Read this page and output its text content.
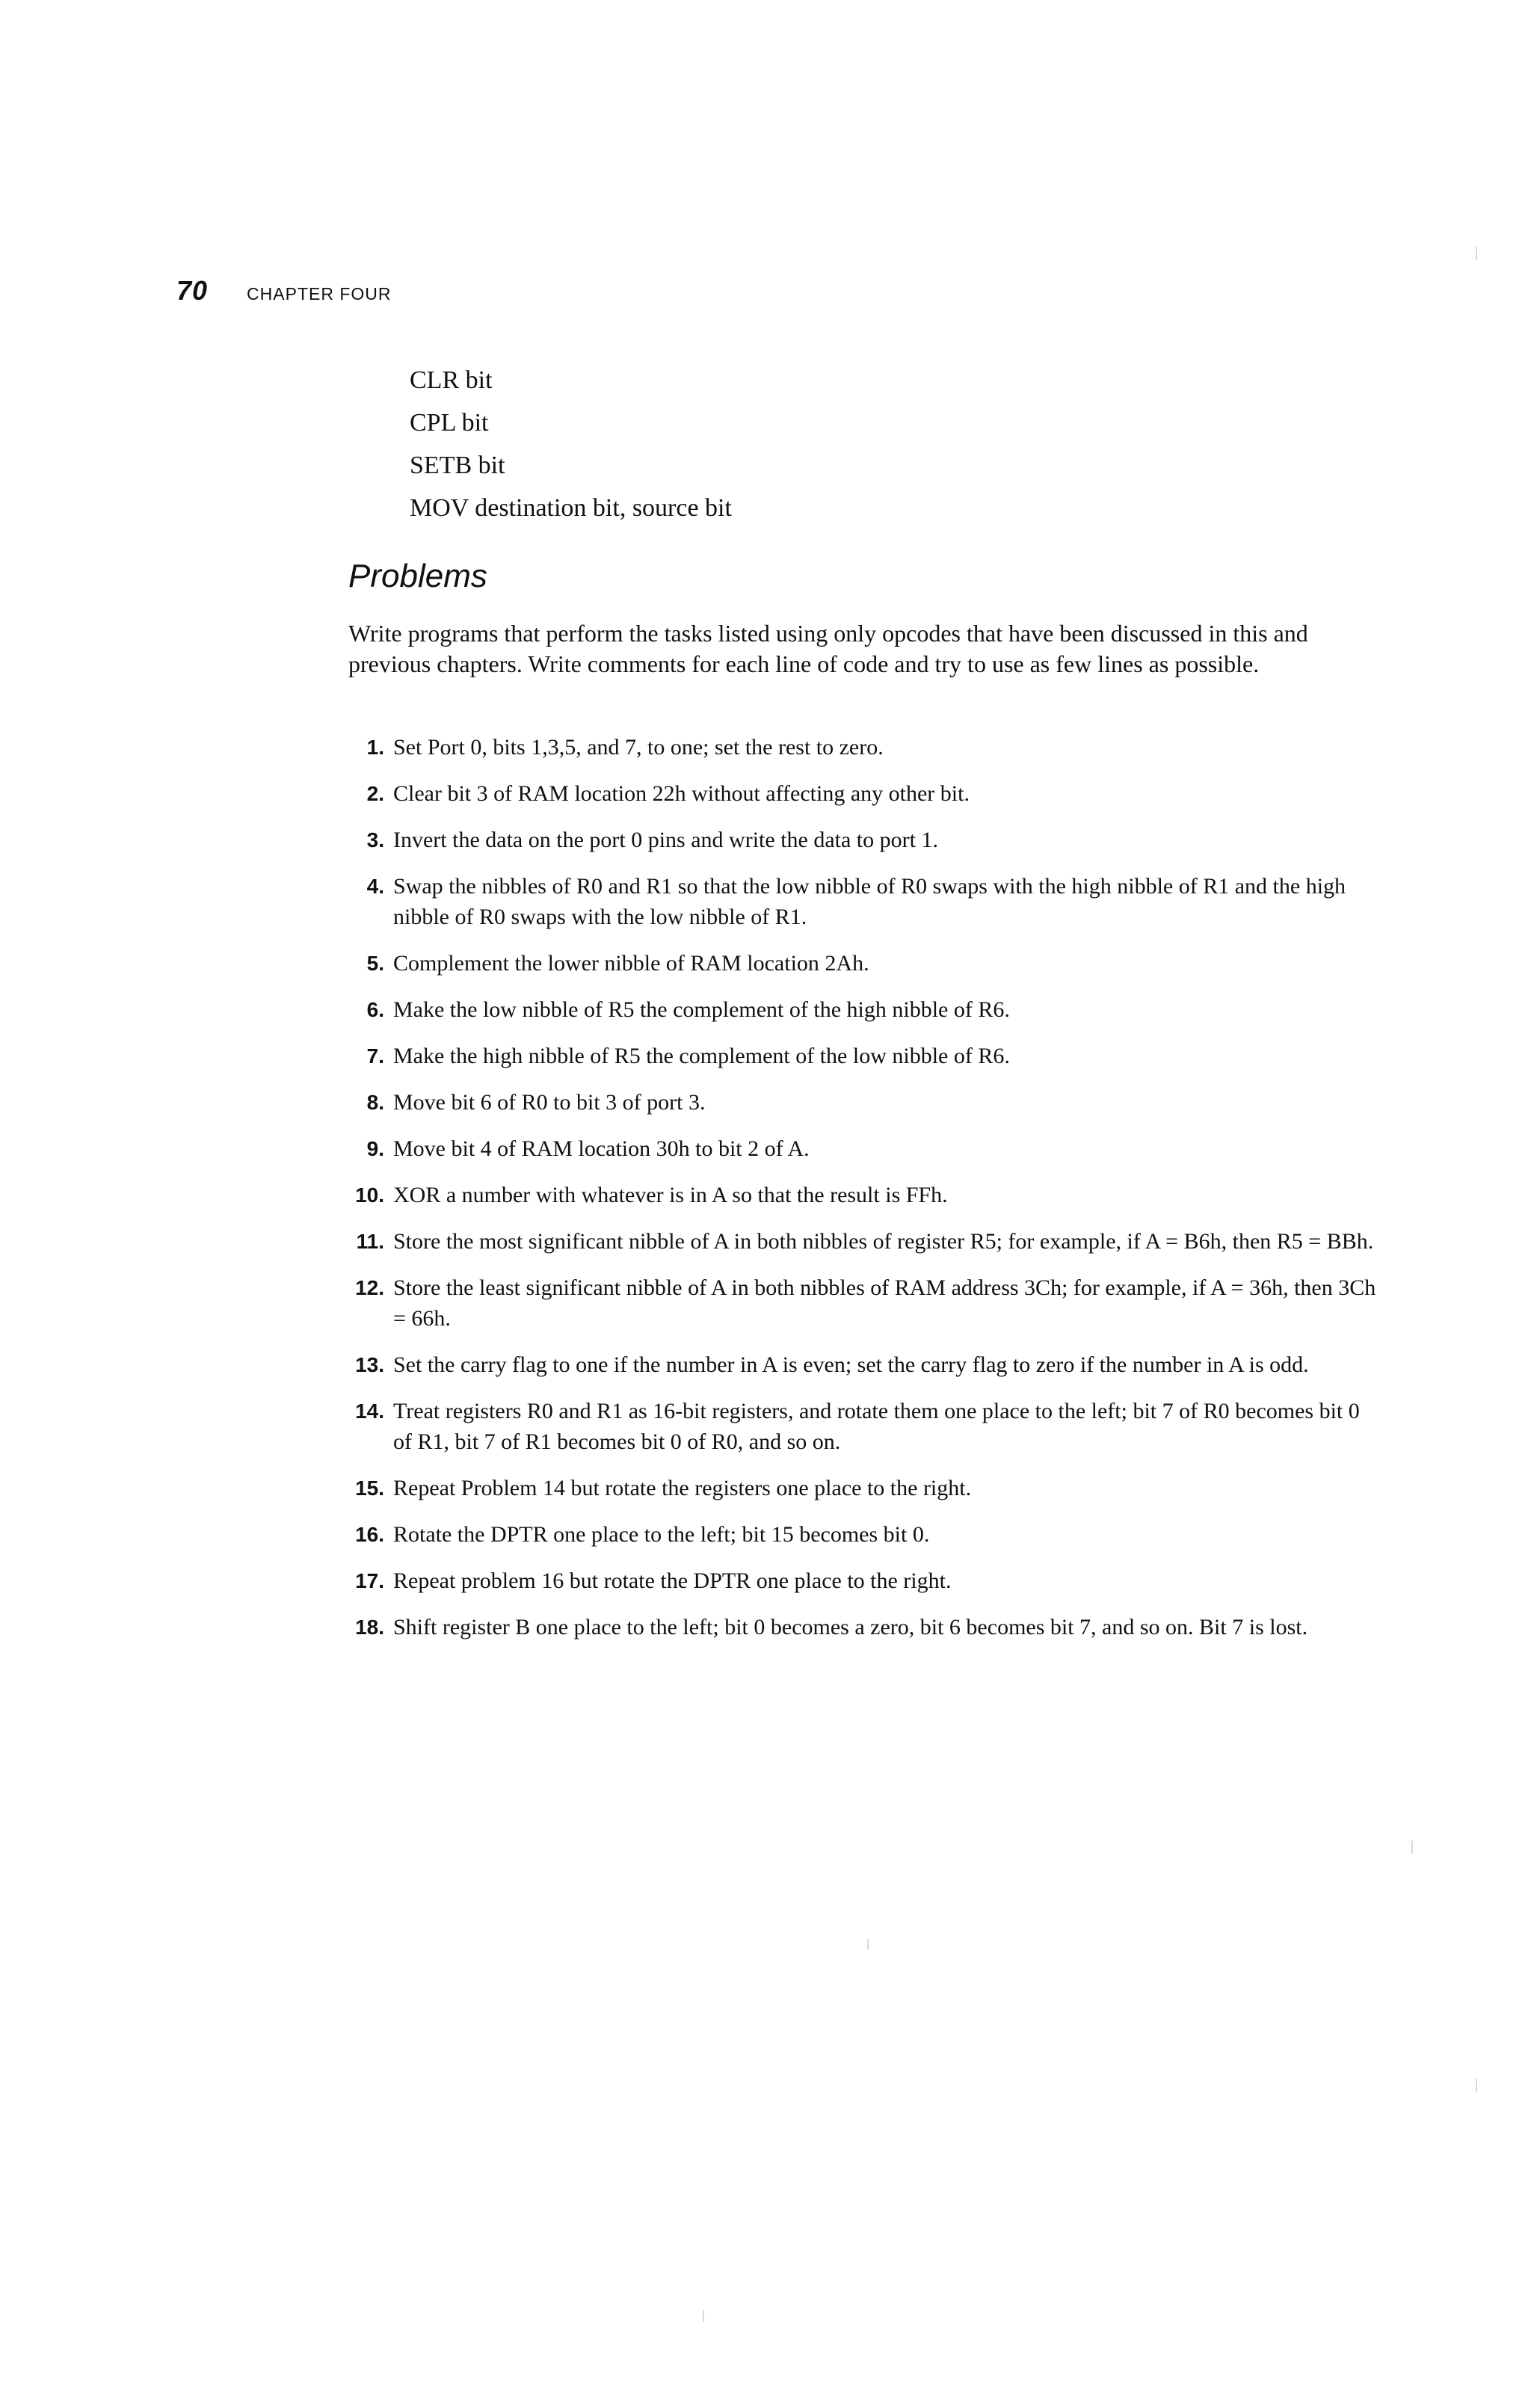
70 CHAPTER FOUR
CLR bit
CPL bit
SETB bit
MOV destination bit, source bit
Problems

Write programs that perform the tasks listed using only opcodes that have been discussed in this and previous chapters. Write comments for each line of code and try to use as few lines as possible.

1. Set Port 0, bits 1,3,5, and 7, to one; set the rest to zero.
2. Clear bit 3 of RAM location 22h without affecting any other bit.
3. Invert the data on the port 0 pins and write the data to port 1.
4. Swap the nibbles of R0 and R1 so that the low nibble of R0 swaps with the high nibble of R1 and the high nibble of R0 swaps with the low nibble of R1.
5. Complement the lower nibble of RAM location 2Ah.
6. Make the low nibble of R5 the complement of the high nibble of R6.
7. Make the high nibble of R5 the complement of the low nibble of R6.
8. Move bit 6 of R0 to bit 3 of port 3.
9. Move bit 4 of RAM location 30h to bit 2 of A.
10. XOR a number with whatever is in A so that the result is FFh.
11. Store the most significant nibble of A in both nibbles of register R5; for example, if A = B6h, then R5 = BBh.
12. Store the least significant nibble of A in both nibbles of RAM address 3Ch; for example, if A = 36h, then 3Ch = 66h.
13. Set the carry flag to one if the number in A is even; set the carry flag to zero if the number in A is odd.
14. Treat registers R0 and R1 as 16-bit registers, and rotate them one place to the left; bit 7 of R0 becomes bit 0 of R1, bit 7 of R1 becomes bit 0 of R0, and so on.
15. Repeat Problem 14 but rotate the registers one place to the right.
16. Rotate the DPTR one place to the left; bit 15 becomes bit 0.
17. Repeat problem 16 but rotate the DPTR one place to the right.
18. Shift register B one place to the left; bit 0 becomes a zero, bit 6 becomes bit 7, and so on. Bit 7 is lost.
